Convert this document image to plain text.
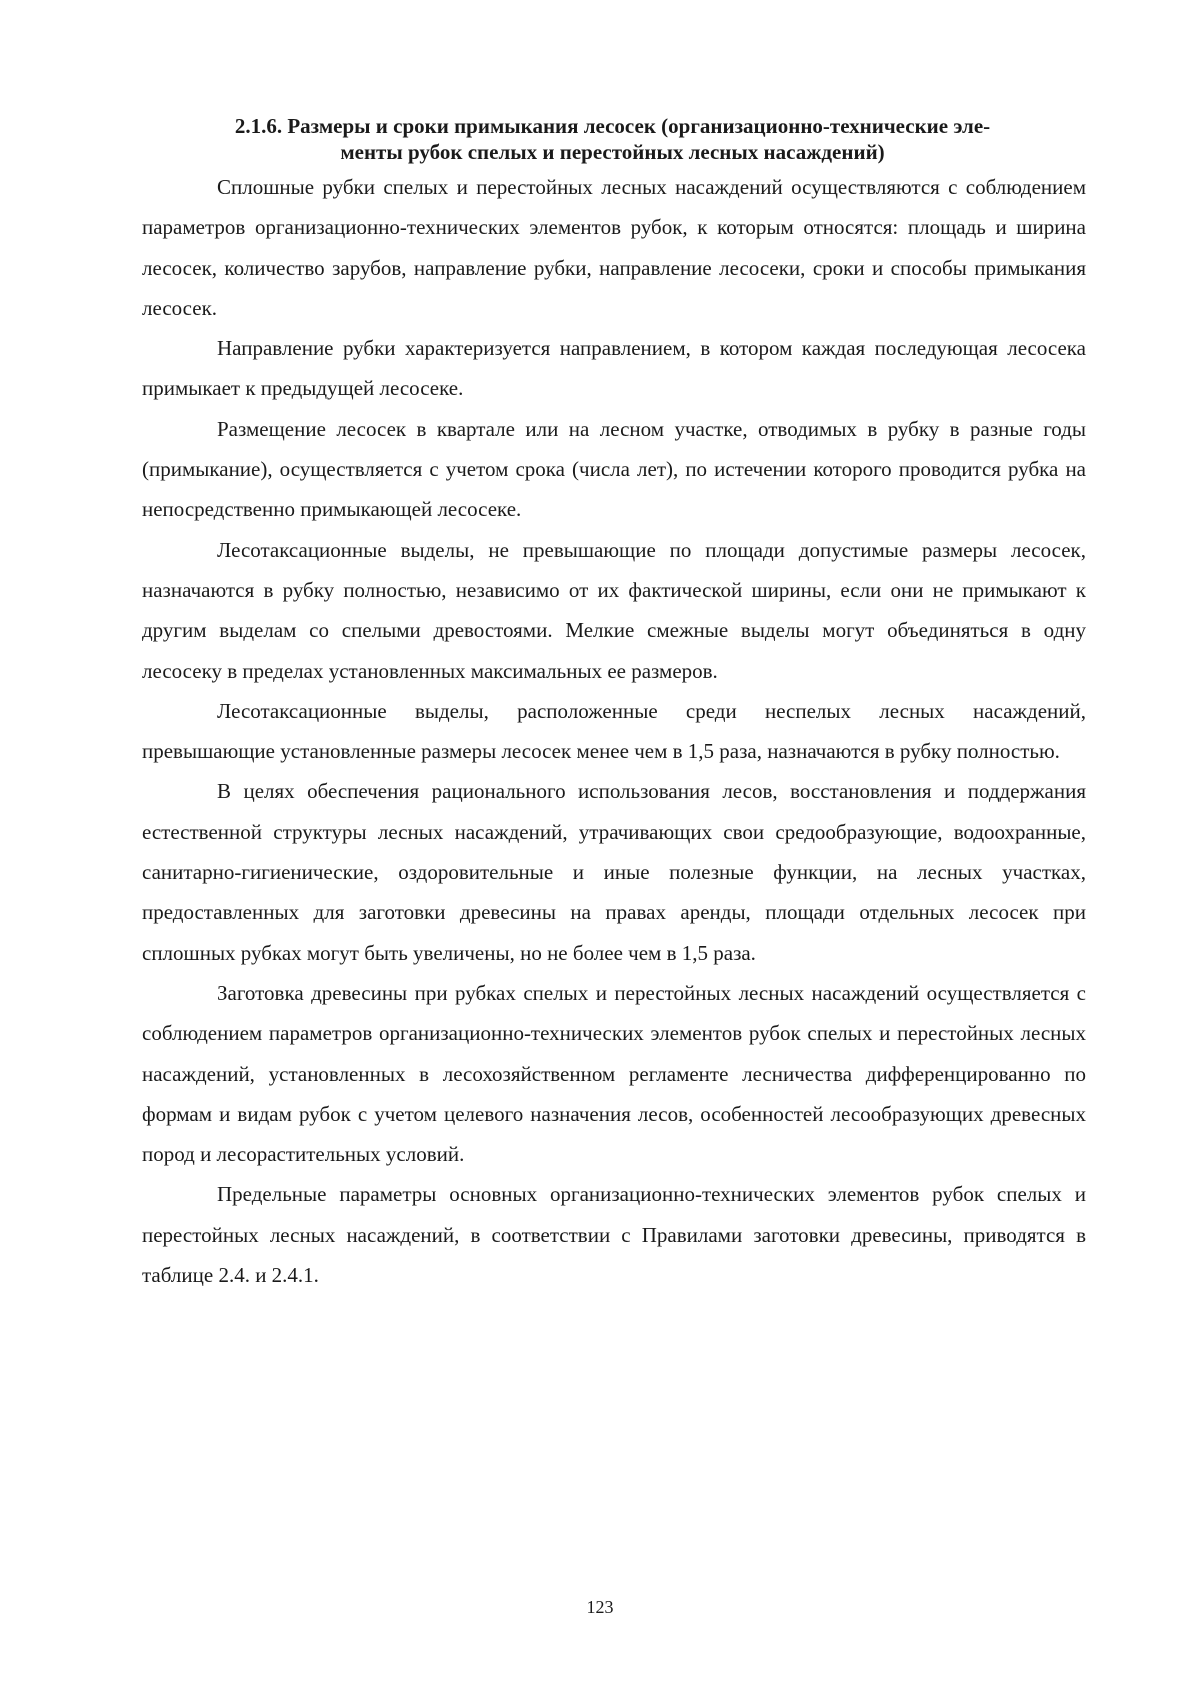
2.1.6. Размеры и сроки примыкания лесосек (организационно-технические эле-
менты рубок спелых и перестойных лесных насаждений)

Сплошные рубки спелых и перестойных лесных насаждений осуществляются с соблюдением параметров организационно-технических элементов рубок, к которым относятся: площадь и ширина лесосек, количество зарубов, направление рубки, направление лесосеки, сроки и способы примыкания лесосек.

Направление рубки характеризуется направлением, в котором каждая последующая лесосека примыкает к предыдущей лесосеке.

Размещение лесосек в квартале или на лесном участке, отводимых в рубку в разные годы (примыкание), осуществляется с учетом срока (числа лет), по истечении которого проводится рубка на непосредственно примыкающей лесосеке.

Лесотаксационные выделы, не превышающие по площади допустимые размеры лесосек, назначаются в рубку полностью, независимо от их фактической ширины, если они не примыкают к другим выделам со спелыми древостоями. Мелкие смежные выделы могут объединяться в одну лесосеку в пределах установленных максимальных ее размеров.

Лесотаксационные выделы, расположенные среди неспелых лесных насаждений, превышающие установленные размеры лесосек менее чем в 1,5 раза, назначаются в рубку полностью.

В целях обеспечения рационального использования лесов, восстановления и поддержания естественной структуры лесных насаждений, утрачивающих свои средообразующие, водоохранные, санитарно-гигиенические, оздоровительные и иные полезные функции, на лесных участках, предоставленных для заготовки древесины на правах аренды, площади отдельных лесосек при сплошных рубках могут быть увеличены, но не более чем в 1,5 раза.

Заготовка древесины при рубках спелых и перестойных лесных насаждений осуществляется с соблюдением параметров организационно-технических элементов рубок спелых и перестойных лесных насаждений, установленных в лесохозяйственном регламенте лесничества дифференцированно по формам и видам рубок с учетом целевого назначения лесов, особенностей лесообразующих древесных пород и лесорастительных условий.

Предельные параметры основных организационно-технических элементов рубок спелых и перестойных лесных насаждений, в соответствии с Правилами заготовки древесины, приводятся в таблице 2.4. и 2.4.1.

123
